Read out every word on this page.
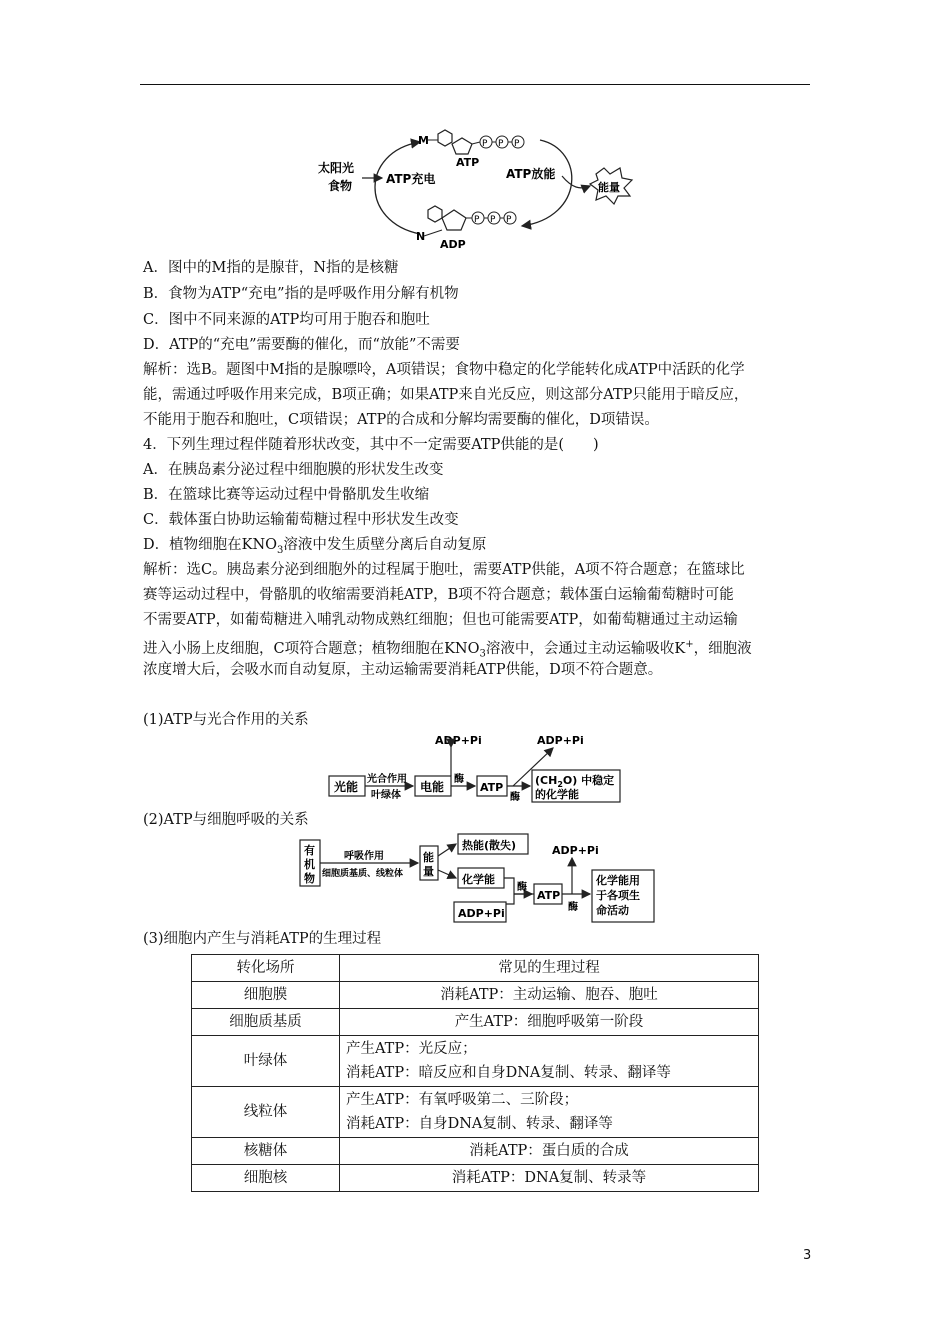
M	P P P
ATP
太阳光
食物	ATP充电	ATP放能
能量
P P P
N
ADP
A．图中的M指的是腺苷，N指的是核糖
B．食物为ATP“充电”指的是呼吸作用分解有机物
C．图中不同来源的ATP均可用于胞吞和胞吐
D．ATP的“充电”需要酶的催化，而“放能”不需要
解析：选B。题图中M指的是腺嘌呤，A项错误；食物中稳定的化学能转化成ATP中活跃的化学
能，需通过呼吸作用来完成，B项正确；如果ATP来自光反应，则这部分ATP只能用于暗反应，
不能用于胞吞和胞吐，C项错误；ATP的合成和分解均需要酶的催化，D项错误。
4．下列生理过程伴随着形状改变，其中不一定需要ATP供能的是(　　)
A．在胰岛素分泌过程中细胞膜的形状发生改变
B．在篮球比赛等运动过程中骨骼肌发生收缩
C．载体蛋白协助运输葡萄糖过程中形状发生改变
D．植物细胞在$KNO_3$溶液中发生质壁分离后自动复原
解析：选C。胰岛素分泌到细胞外的过程属于胞吐，需要ATP供能，A项不符合题意；在篮球比
赛等运动过程中，骨骼肌的收缩需要消耗ATP，B项不符合题意；载体蛋白运输葡萄糖时可能
不需要ATP，如葡萄糖进入哺乳动物成熟红细胞；但也可能需要ATP，如葡萄糖通过主动运输
进入小肠上皮细胞，C项符合题意；植物细胞在$KNO_3$溶液中，会通过主动运输吸收K+，细胞液
浓度增大后，会吸水而自动复原，主动运输需要消耗ATP供能，D项不符合题意。
(1)ATP与光合作用的关系
光能
光合作用
叶绿体
电能
酶
ADP+Pi
ATP
酶
ADP+Pi
$(CH_2O)$ 中稳定
的化学能
(2)ATP与细胞呼吸的关系
有
机
物
呼吸作用
细胞质基质、线粒体
能
量
热能(散失)
化学能
ADP+Pi
酶
ATP
酶
ADP+Pi
化学能用
于各项生
命活动
(3)细胞内产生与消耗ATP的生理过程
转化场所	常见的生理过程
细胞膜	消耗ATP：主动运输、胞吞、胞吐
细胞质基质	产生ATP：细胞呼吸第一阶段
叶绿体	产生ATP：光反应；
消耗ATP：暗反应和自身DNA复制、转录、翻译等

线粒体	产生ATP：有氧呼吸第二、三阶段；
消耗ATP：自身DNA复制、转录、翻译等

核糖体	消耗ATP：蛋白质的合成
细胞核	消耗ATP：DNA复制、转录等
3
